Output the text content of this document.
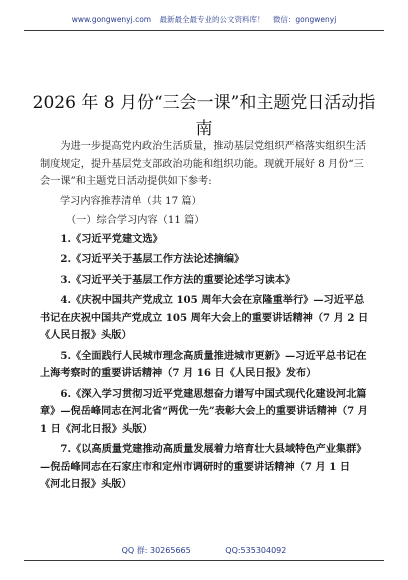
www.gongwenyj.com 最新最全最专业的公文资料库！ 微信：gongwenyj
2026 年 8 月份“三会一课”和主题党日活动指南

为进一步提高党内政治生活质量，推动基层党组织严格落实组织生活制度规定，提升基层党支部政治功能和组织功能。现就开展好 8 月份“三会一课”和主题党日活动提供如下参考:

学习内容推荐清单（共 17 篇）

（一）综合学习内容（11 篇）

1.《习近平党建文选》

2.《习近平关于基层工作方法论述摘编》

3.《习近平关于基层工作方法的重要论述学习读本》

4.《庆祝中国共产党成立 105 周年大会在京隆重举行》—习近平总书记在庆祝中国共产党成立 105 周年大会上的重要讲话精神（7 月 2 日《人民日报》头版）

5.《全面践行人民城市理念高质量推进城市更新》—习近平总书记在上海考察时的重要讲话精神（7 月 16 日《人民日报》发布）

6.《深入学习贯彻习近平党建思想奋力谱写中国式现代化建设河北篇章》—倪岳峰同志在河北省“两优一先”表彰大会上的重要讲话精神（7 月 1 日《河北日报》头版）

7.《以高质量党建推动高质量发展着力培育壮大县域特色产业集群》—倪岳峰同志在石家庄市和定州市调研时的重要讲话精神（7 月 1 日《河北日报》头版）

QQ 群: 30265665	QQ:535304092
